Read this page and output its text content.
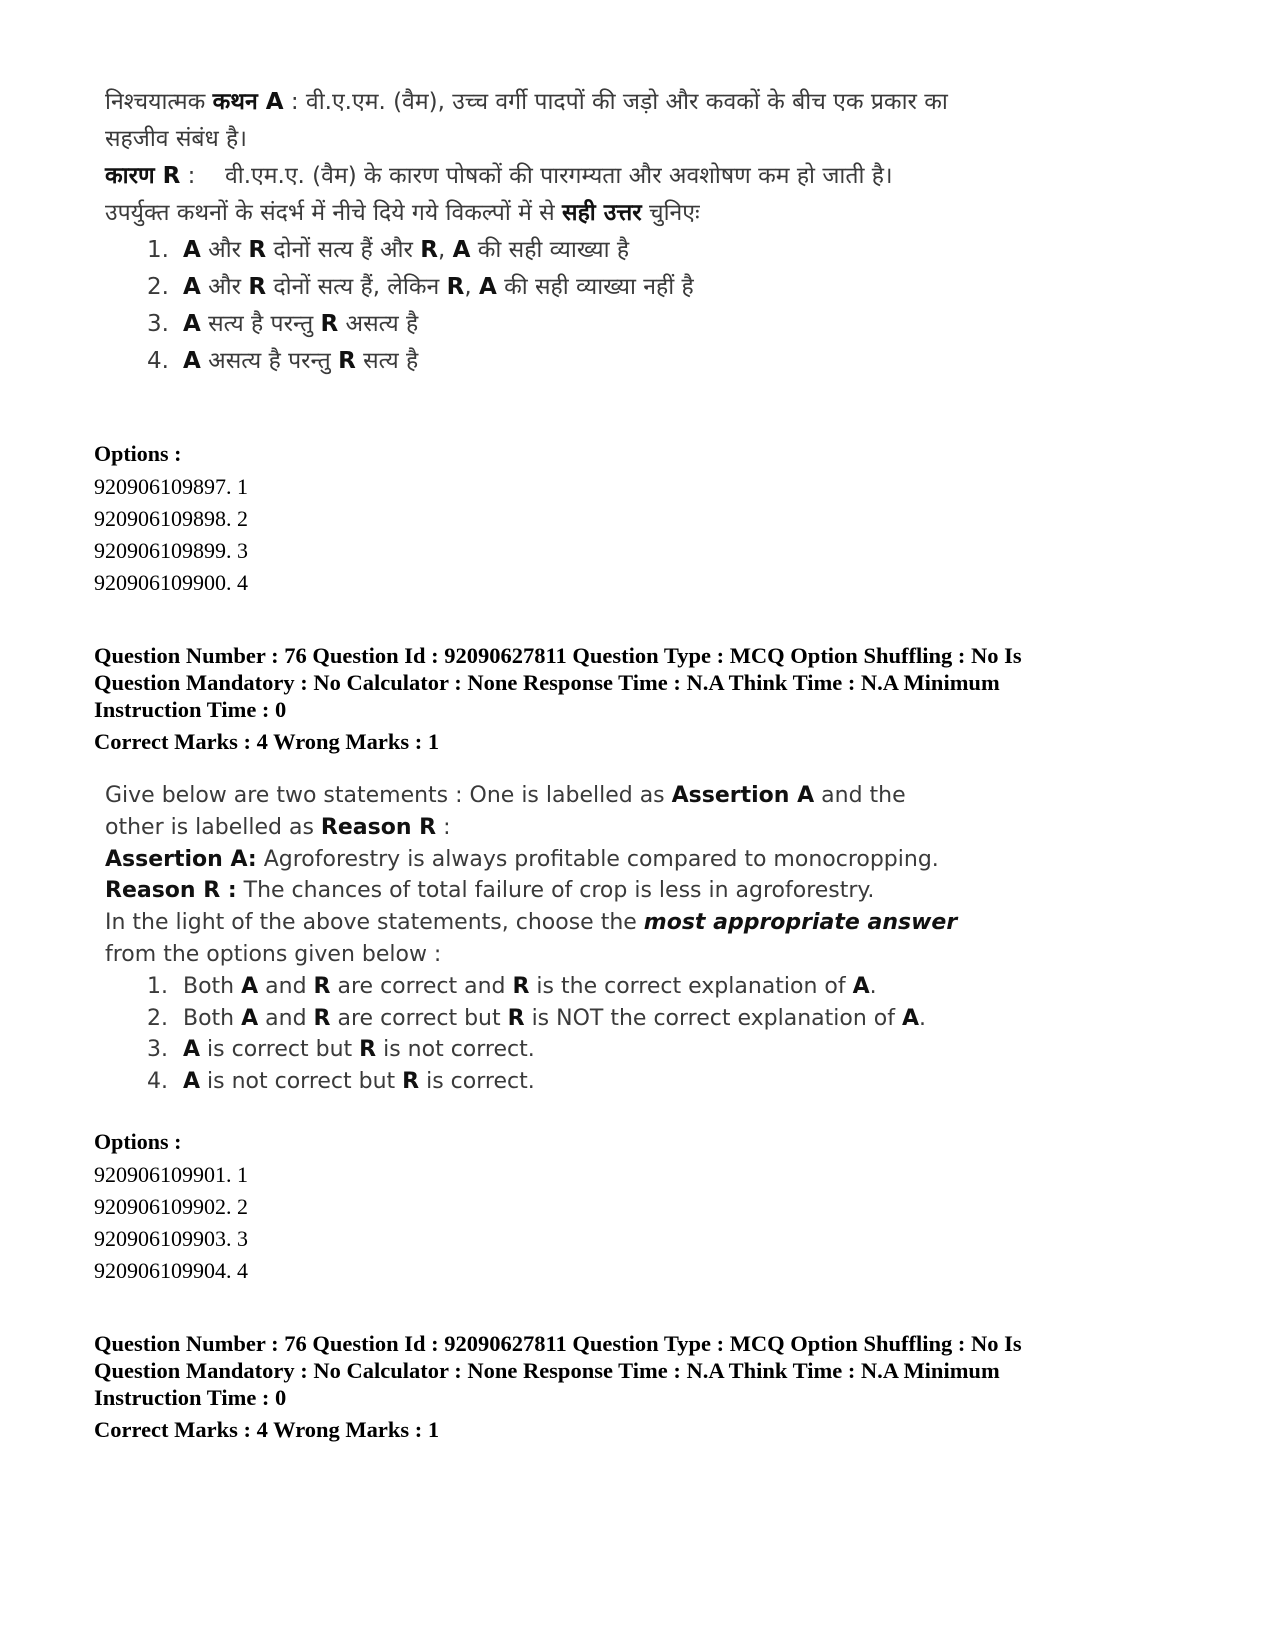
निश्चयात्मक कथन A : वी.ए.एम. (वैम), उच्च वर्गी पादपों की जड़ो और कवकों के बीच एक प्रकार का सहजीव संबंध है।

कारण R : वी.एम.ए. (वैम) के कारण पोषकों की पारगम्यता और अवशोषण कम हो जाती है।

उपर्युक्त कथनों के संदर्भ में नीचे दिये गये विकल्पों में से सही उत्तर चुनिएः

1. A और R दोनों सत्य हैं और R, A की सही व्याख्या है
2. A और R दोनों सत्य हैं, लेकिन R, A की सही व्याख्या नहीं है
3. A सत्य है परन्तु R असत्य है
4. A असत्य है परन्तु R सत्य है
Options :
920906109897. 1
920906109898. 2
920906109899. 3
920906109900. 4
Question Number : 76 Question Id : 92090627811 Question Type : MCQ Option Shuffling : No Is
Question Mandatory : No Calculator : None Response Time : N.A Think Time : N.A Minimum
Instruction Time : 0
Correct Marks : 4 Wrong Marks : 1

Give below are two statements : One is labelled as Assertion A and the other is labelled as Reason R :

Assertion A: Agroforestry is always profitable compared to monocropping.

Reason R : The chances of total failure of crop is less in agroforestry.

In the light of the above statements, choose the most appropriate answer from the options given below :

1. Both A and R are correct and R is the correct explanation of A.
2. Both A and R are correct but R is NOT the correct explanation of A.
3. A is correct but R is not correct.
4. A is not correct but R is correct.
Options :
920906109901. 1
920906109902. 2
920906109903. 3
920906109904. 4
Question Number : 76 Question Id : 92090627811 Question Type : MCQ Option Shuffling : No Is
Question Mandatory : No Calculator : None Response Time : N.A Think Time : N.A Minimum
Instruction Time : 0
Correct Marks : 4 Wrong Marks : 1
